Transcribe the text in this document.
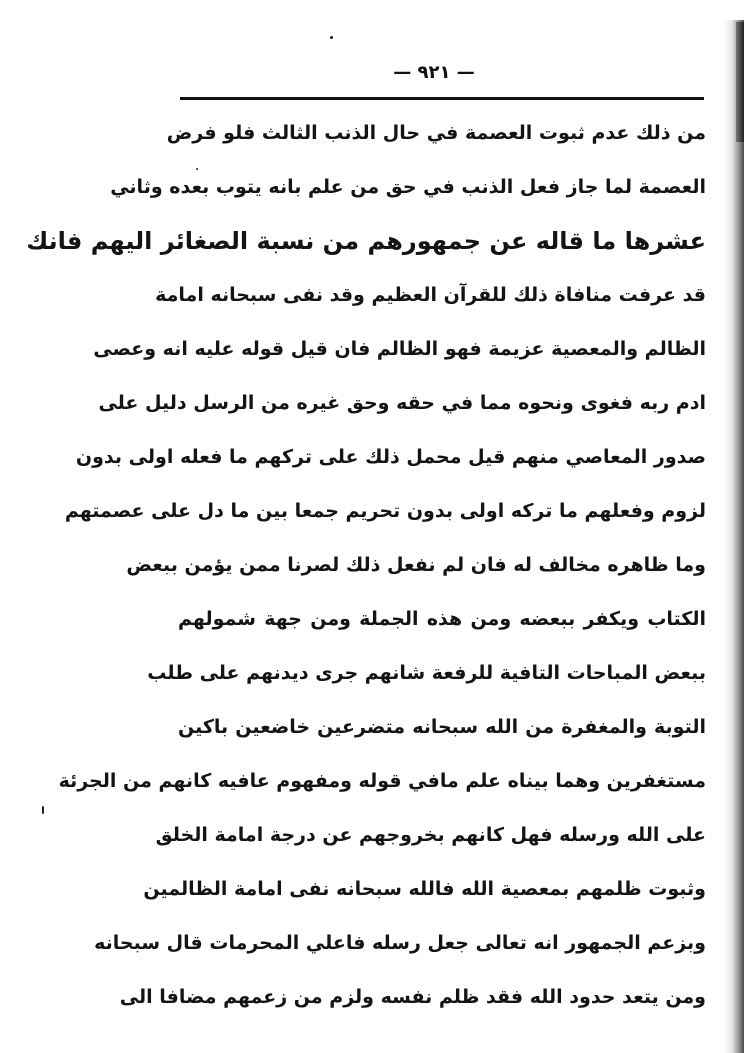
— ٩٢١ —
من ذلك عدم ثبوت العصمة في حال الذنب الثالث فلو فرض
العصمة لما جاز فعل الذنب في حق من علم بانه يتوب بعده وثاني
عشرها ما قاله عن جمهورهم من نسبة الصغائر اليهم فانك
قد عرفت منافاة ذلك للقرآن العظيم وقد نفى سبحانه امامة
الظالم والمعصية عزيمة فهو الظالم فان قيل قوله عليه انه وعصى
ادم ربه فغوى ونحوه مما في حقه وحق غيره من الرسل دليل على
صدور المعاصي منهم قيل محمل ذلك على تركهم ما فعله اولى بدون
لزوم وفعلهم ما تركه اولى بدون تحريم جمعا بين ما دل على عصمتهم
وما ظاهره مخالف له فان لم نفعل ذلك لصرنا ممن يؤمن ببعض
الكتاب ويكفر ببعضه ومن هذه الجملة ومن جهة شمولهم
ببعض المباحات التافية للرفعة شانهم جرى ديدنهم على طلب
التوبة والمغفرة من الله سبحانه متضرعين خاضعين باكين
مستغفرين وهما بيناه علم مافي قوله ومفهوم عافيه كانهم من الجرئة
على الله ورسله فهل كانهم بخروجهم عن درجة امامة الخلق
وثبوت ظلمهم بمعصية الله فالله سبحانه نفى امامة الظالمين
وبزعم الجمهور انه تعالى جعل رسله فاعلي المحرمات قال سبحانه
ومن يتعد حدود الله فقد ظلم نفسه ولزم من زعمهم مضافا الى
